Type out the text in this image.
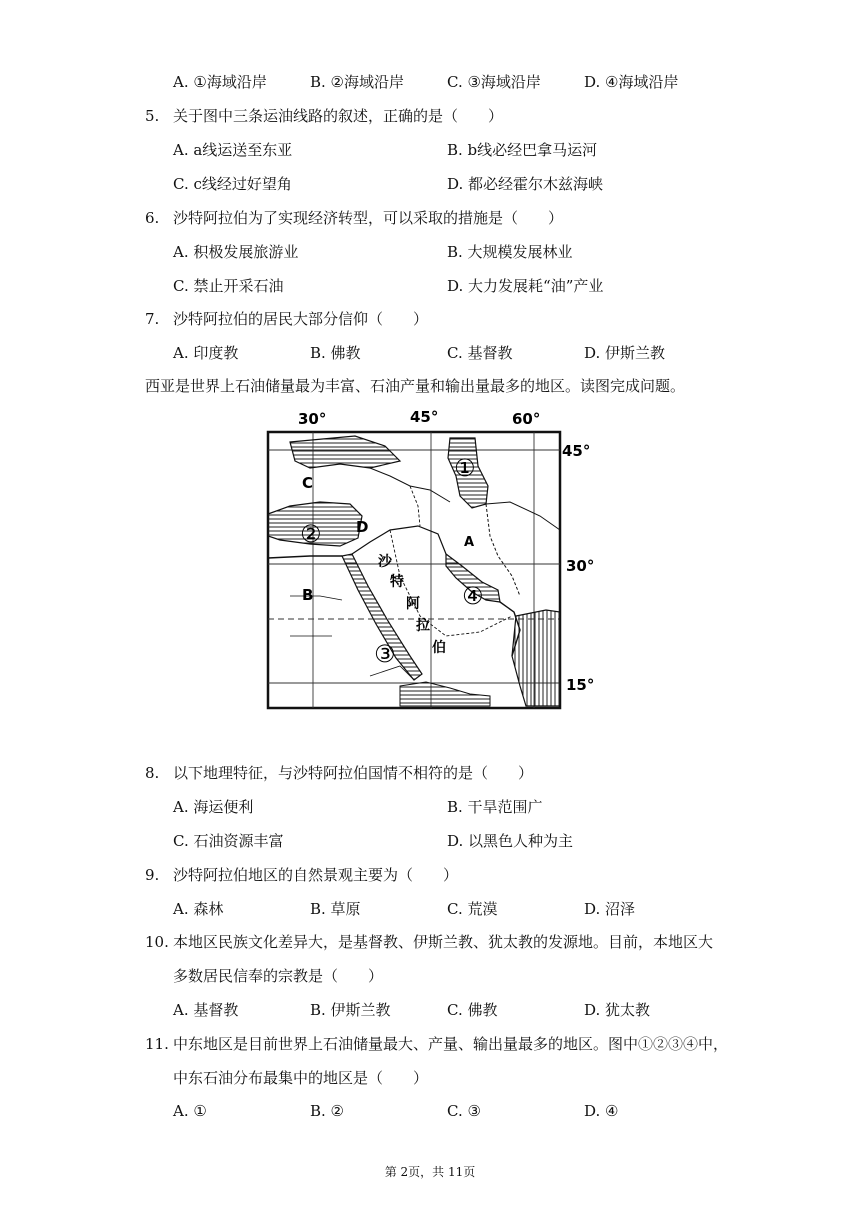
A. ①海域沿岸	B. ②海域沿岸	C. ③海域沿岸	D. ④海域沿岸
5. 关于图中三条运油线路的叙述，正确的是（　　）
A. a线运送至东亚	B. b线必经巴拿马运河
C. c线经过好望角	D. 都必经霍尔木兹海峡
6. 沙特阿拉伯为了实现经济转型，可以采取的措施是（　　）
A. 积极发展旅游业	B. 大规模发展林业
C. 禁止开采石油	D. 大力发展耗“油”产业
7. 沙特阿拉伯的居民大部分信仰（　　）
A. 印度教	B. 佛教	C. 基督教	D. 伊斯兰教
西亚是世界上石油储量最为丰富、石油产量和输出量最多的地区。读图完成问题。
30°	45°	60°
45°
30°
15°
C
D
A
B
①
②
③
④
沙
特
阿
拉
伯
8. 以下地理特征，与沙特阿拉伯国情不相符的是（　　）
A. 海运便利	B. 干旱范围广
C. 石油资源丰富	D. 以黑色人种为主
9. 沙特阿拉伯地区的自然景观主要为（　　）
A. 森林	B. 草原	C. 荒漠	D. 沼泽
10. 本地区民族文化差异大，是基督教、伊斯兰教、犹太教的发源地。目前，本地区大
多数居民信奉的宗教是（　　）
A. 基督教	B. 伊斯兰教	C. 佛教	D. 犹太教
11. 中东地区是目前世界上石油储量最大、产量、输出量最多的地区。图中①②③④中，
中东石油分布最集中的地区是（　　）
A. ①	B. ②	C. ③	D. ④
第 2页，共 11页
